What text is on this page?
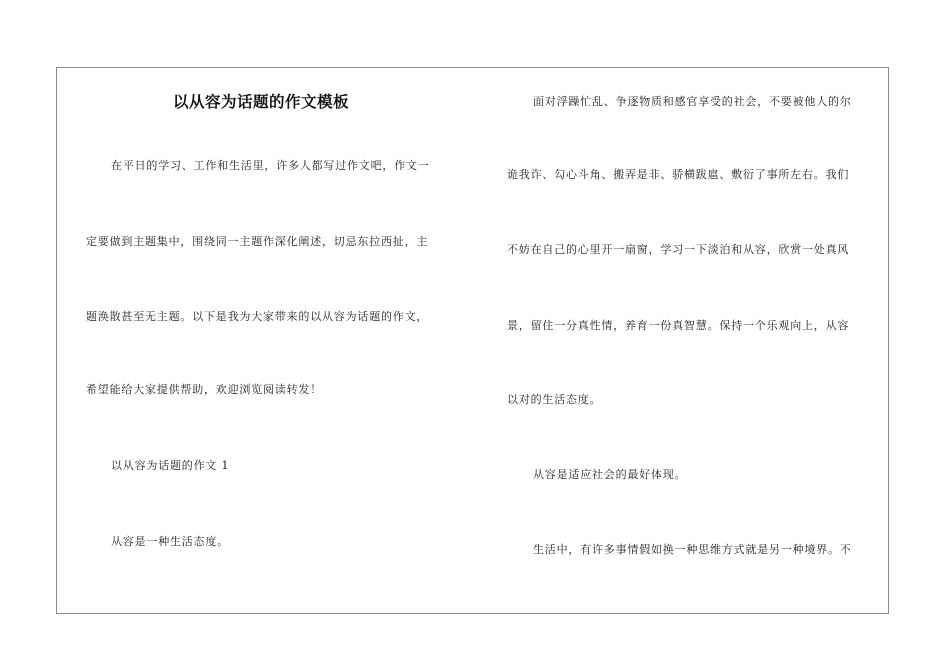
以从容为话题的作文模板
在平日的学习、工作和生活里，许多人都写过作文吧，作文一
定要做到主题集中，围绕同一主题作深化阐述，切忌东拉西扯，主
题涣散甚至无主题。以下是我为大家带来的以从容为话题的作文，
希望能给大家提供帮助，欢迎浏览阅读转发！
以从容为话题的作文 1
从容是一种生活态度。
面对浮躁忙乱、争逐物质和感官享受的社会，不要被他人的尔
诡我诈、勾心斗角、搬弄是非、骄横跋扈、敷衍了事所左右。我们
不妨在自己的心里开一扇窗，学习一下淡泊和从容，欣赏一处真风
景，留住一分真性情，养育一份真智慧。保持一个乐观向上，从容
以对的生活态度。
从容是适应社会的最好体现。
生活中，有许多事情假如换一种思维方式就是另一种境界。不
